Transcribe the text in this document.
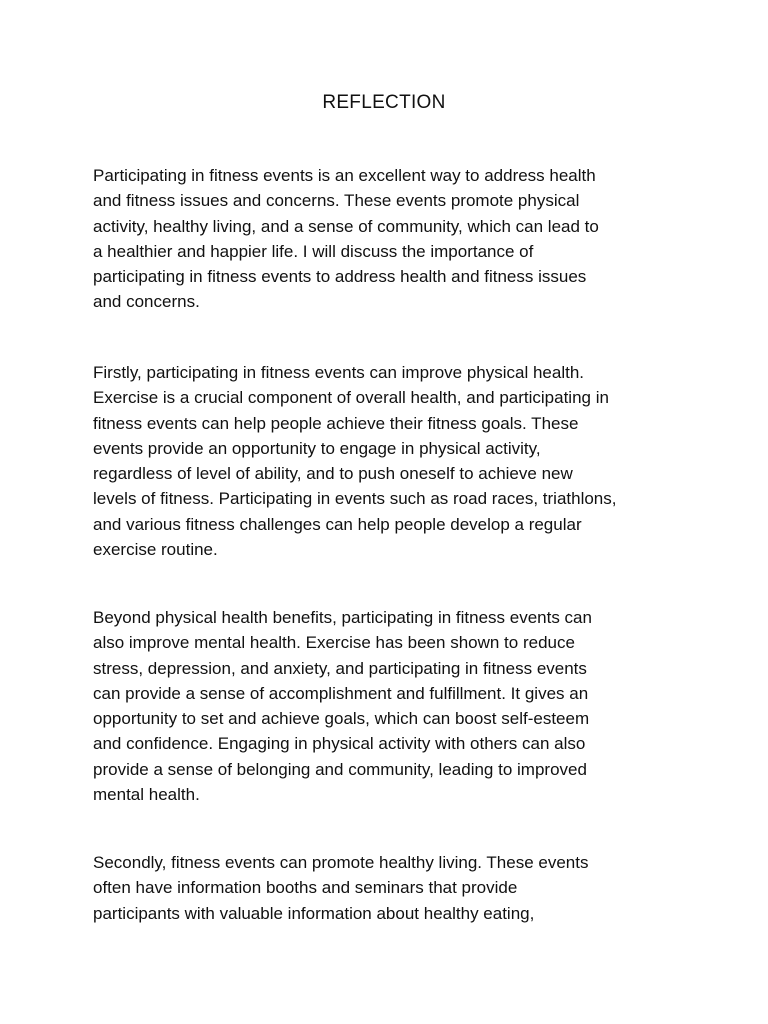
REFLECTION

Participating in fitness events is an excellent way to address health
and fitness issues and concerns. These events promote physical
activity, healthy living, and a sense of community, which can lead to
a healthier and happier life. I will discuss the importance of
participating in fitness events to address health and fitness issues
and concerns.

Firstly, participating in fitness events can improve physical health.
Exercise is a crucial component of overall health, and participating in
fitness events can help people achieve their fitness goals. These
events provide an opportunity to engage in physical activity,
regardless of level of ability, and to push oneself to achieve new
levels of fitness. Participating in events such as road races, triathlons,
and various fitness challenges can help people develop a regular
exercise routine.

Beyond physical health benefits, participating in fitness events can
also improve mental health. Exercise has been shown to reduce
stress, depression, and anxiety, and participating in fitness events
can provide a sense of accomplishment and fulfillment. It gives an
opportunity to set and achieve goals, which can boost self-esteem
and confidence. Engaging in physical activity with others can also
provide a sense of belonging and community, leading to improved
mental health.

Secondly, fitness events can promote healthy living. These events
often have information booths and seminars that provide
participants with valuable information about healthy eating,
